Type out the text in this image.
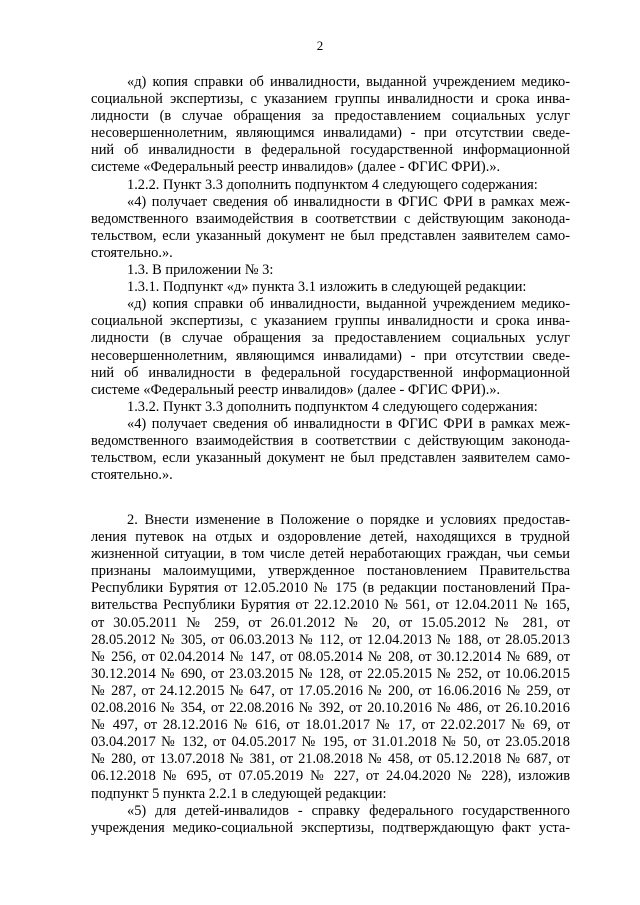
2
«д) копия справки об инвалидности, выданной учреждением медико-
социальной экспертизы, с указанием группы инвалидности и срока инва-
лидности (в случае обращения за предоставлением социальных услуг
несовершеннолетним, являющимся инвалидами) - при отсутствии сведе-
ний об инвалидности в федеральной государственной информационной
системе «Федеральный реестр инвалидов» (далее - ФГИС ФРИ).».
1.2.2. Пункт 3.3 дополнить подпунктом 4 следующего содержания:
«4) получает сведения об инвалидности в ФГИС ФРИ в рамках меж-
ведомственного взаимодействия в соответствии с действующим законода-
тельством, если указанный документ не был представлен заявителем само-
стоятельно.».
1.3. В приложении № 3:
1.3.1. Подпункт «д» пункта 3.1 изложить в следующей редакции:
«д) копия справки об инвалидности, выданной учреждением медико-
социальной экспертизы, с указанием группы инвалидности и срока инва-
лидности (в случае обращения за предоставлением социальных услуг
несовершеннолетним, являющимся инвалидами) - при отсутствии сведе-
ний об инвалидности в федеральной государственной информационной
системе «Федеральный реестр инвалидов» (далее - ФГИС ФРИ).».
1.3.2. Пункт 3.3 дополнить подпунктом 4 следующего содержания:
«4) получает сведения об инвалидности в ФГИС ФРИ в рамках меж-
ведомственного взаимодействия в соответствии с действующим законода-
тельством, если указанный документ не был представлен заявителем само-
стоятельно.».
2. Внести изменение в Положение о порядке и условиях предостав-
ления путевок на отдых и оздоровление детей, находящихся в трудной
жизненной ситуации, в том числе детей неработающих граждан, чьи семьи
признаны малоимущими, утвержденное постановлением Правительства
Республики Бурятия от 12.05.2010 № 175 (в редакции постановлений Пра-
вительства Республики Бурятия от 22.12.2010 № 561, от 12.04.2011 № 165,
от 30.05.2011 № 259, от 26.01.2012 № 20, от 15.05.2012 № 281, от
28.05.2012 № 305, от 06.03.2013 № 112, от 12.04.2013 № 188, от 28.05.2013
№ 256, от 02.04.2014 № 147, от 08.05.2014 № 208, от 30.12.2014 № 689, от
30.12.2014 № 690, от 23.03.2015 № 128, от 22.05.2015 № 252, от 10.06.2015
№ 287, от 24.12.2015 № 647, от 17.05.2016 № 200, от 16.06.2016 № 259, от
02.08.2016 № 354, от 22.08.2016 № 392, от 20.10.2016 № 486, от 26.10.2016
№ 497, от 28.12.2016 № 616, от 18.01.2017 № 17, от 22.02.2017 № 69, от
03.04.2017 № 132, от 04.05.2017 № 195, от 31.01.2018 № 50, от 23.05.2018
№ 280, от 13.07.2018 № 381, от 21.08.2018 № 458, от 05.12.2018 № 687, от
06.12.2018 № 695, от 07.05.2019 № 227, от 24.04.2020 № 228), изложив
подпункт 5 пункта 2.2.1 в следующей редакции:
«5) для детей-инвалидов - справку федерального государственного
учреждения медико-социальной экспертизы, подтверждающую факт уста-
